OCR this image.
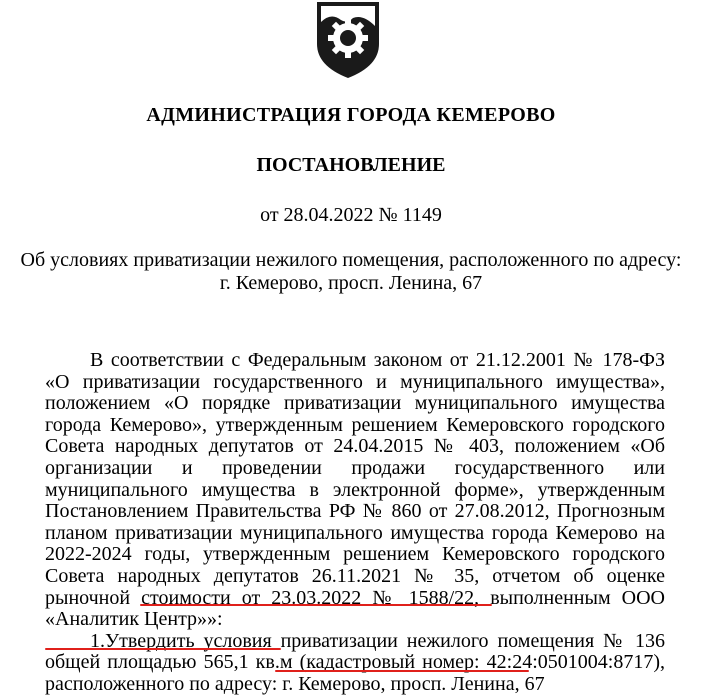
АДМИНИСТРАЦИЯ ГОРОДА КЕМЕРОВО
ПОСТАНОВЛЕНИЕ
от 28.04.2022 № 1149
Об условиях приватизации нежилого помещения, расположенного по адресу:
г. Кемерово, просп. Ленина, 67

В соответствии с Федеральным законом от 21.12.2001 № 178-ФЗ «О приватизации государственного и муниципального имущества», положением «О порядке приватизации муниципального имущества города Кемерово», утвержденным решением Кемеровского городского Совета народных депутатов от 24.04.2015 № 403, положением «Об организации и проведении продажи государственного или муниципального имущества в электронной форме», утвержденным Постановлением Правительства РФ № 860 от 27.08.2012, Прогнозным планом приватизации муниципального имущества города Кемерово на 2022-2024 годы, утвержденным решением Кемеровского городского Совета народных депутатов 26.11.2021 № 35, отчетом об оценке рыночной стоимости от 23.03.2022 № 1588/22, выполненным ООО «Аналитик Центр»»:

1.Утвердить условия приватизации нежилого помещения № 136 общей площадью 565,1 кв.м (кадастровый номер: 42:24:0501004:8717), расположенного по адресу: г. Кемерово, просп. Ленина, 67
